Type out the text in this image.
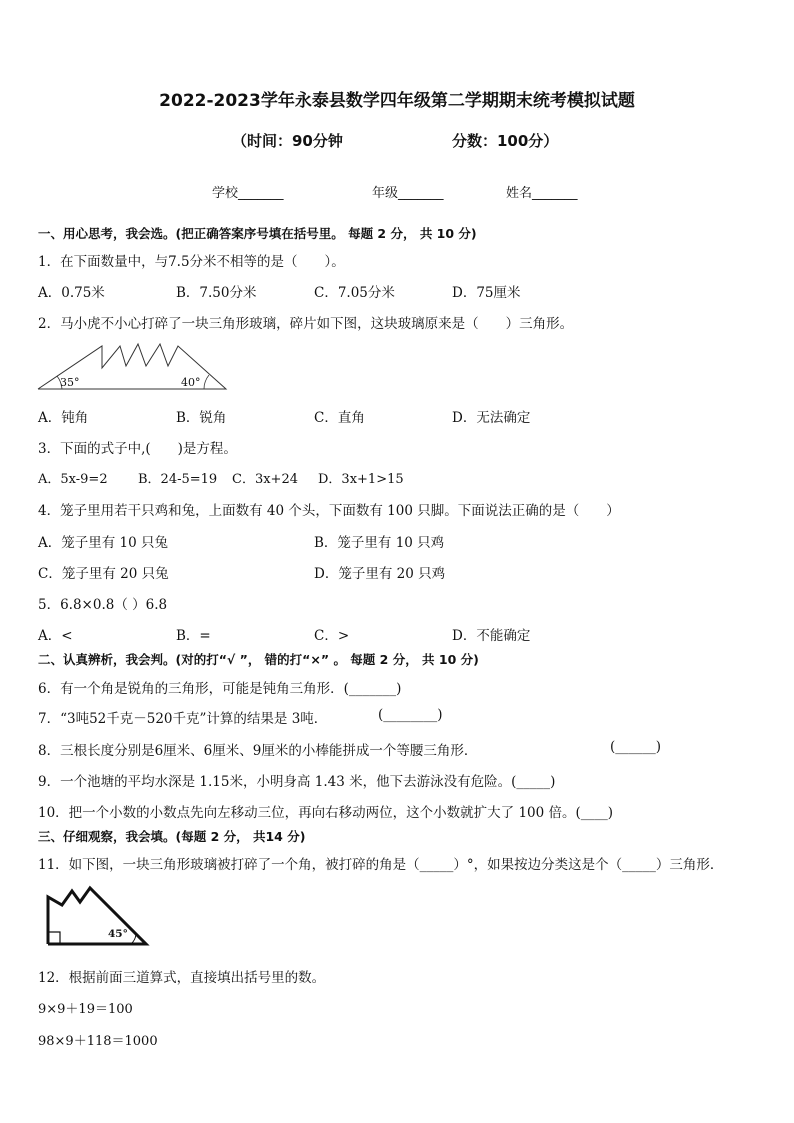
2022-2023学年永泰县数学四年级第二学期期末统考模拟试题
（时间：90分钟	分数：100分）
学校_______	年级_______	姓名_______
一、用心思考，我会选。(把正确答案序号填在括号里。 每题 2 分， 共 10 分)
1．在下面数量中，与7.5分米不相等的是（　　）。
A．0.75米	B．7.50分米	C．7.05分米	D．75厘米
2．马小虎不小心打碎了一块三角形玻璃，碎片如下图，这块玻璃原来是（　　）三角形。
35°	40°
A．钝角	B．锐角	C．直角	D．无法确定
3．下面的式子中,(　　)是方程。
A．5x-9=2 B．24-5=19 C．3x+24 D．3x+1>15
4．笼子里用若干只鸡和兔，上面数有 40 个头，下面数有 100 只脚。下面说法正确的是（　　）
A．笼子里有 10 只兔	B．笼子里有 10 只鸡
C．笼子里有 20 只兔	D．笼子里有 20 只鸡
5．6.8×0.8（ ）6.8
A．<	B．=	C．>	D．不能确定
二、认真辨析，我会判。(对的打“√ ”， 错的打“×” 。 每题 2 分， 共 10 分)
6．有一个角是锐角的三角形，可能是钝角三角形．(_______)
7．“3吨52千克－520千克”计算的结果是 3吨．	(________)
8．三根长度分别是6厘米、6厘米、9厘米的小棒能拼成一个等腰三角形．	(______)
9．一个池塘的平均水深是 1.15米，小明身高 1.43 米，他下去游泳没有危险。(_____)
10．把一个小数的小数点先向左移动三位，再向右移动两位，这个小数就扩大了 100 倍。(____)
三、仔细观察，我会填。(每题 2 分， 共14 分)
11．如下图，一块三角形玻璃被打碎了一个角，被打碎的角是（_____）°，如果按边分类这是个（_____）三角形．
45°
12．根据前面三道算式，直接填出括号里的数。
9×9＋19＝100
98×9＋118＝1000
